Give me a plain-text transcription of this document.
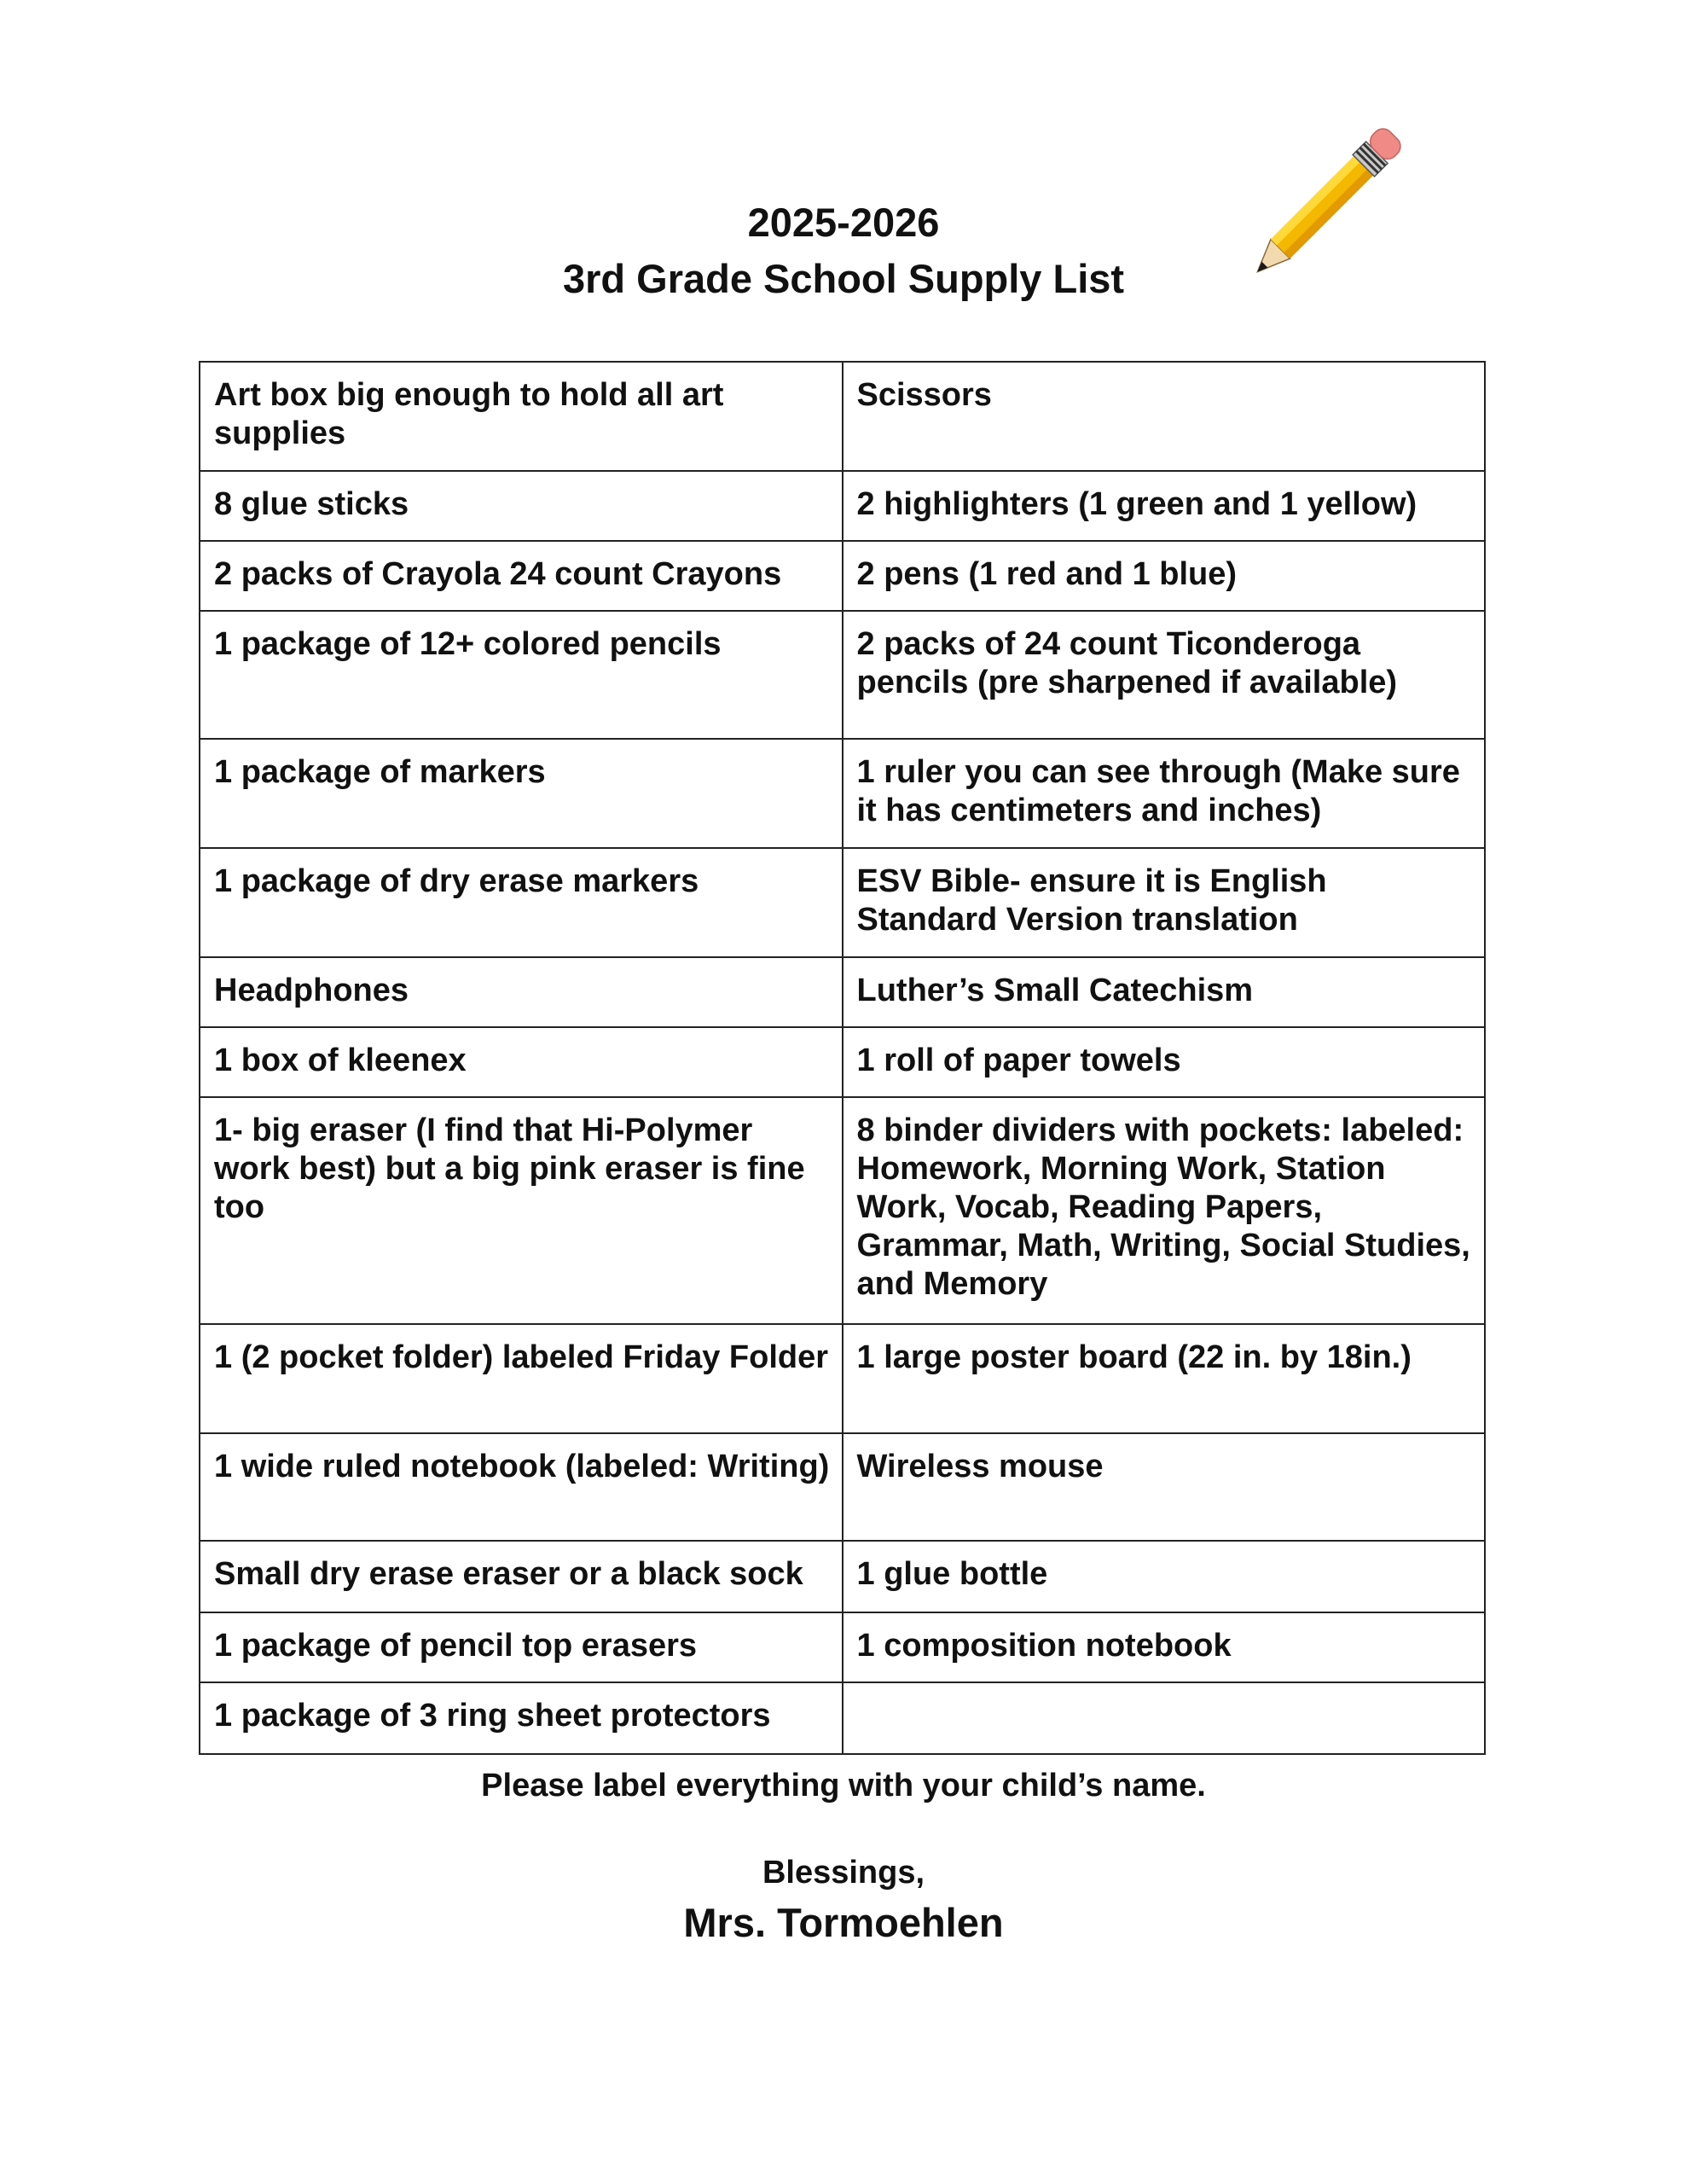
2025-2026
3rd Grade School Supply List
Art box big enough to hold all art supplies	Scissors
8 glue sticks	2 highlighters (1 green and 1 yellow)
2 packs of Crayola 24 count Crayons	2 pens (1 red and 1 blue)
1 package of 12+ colored pencils	2 packs of 24 count Ticonderoga pencils (pre sharpened if available)
1 package of markers	1 ruler you can see through (Make sure it has centimeters and inches)
1 package of dry erase markers	ESV Bible- ensure it is English Standard Version translation
Headphones	Luther’s Small Catechism
1 box of kleenex	1 roll of paper towels
1- big eraser (I find that Hi-Polymer work best) but a big pink eraser is fine too	8 binder dividers with pockets: labeled: Homework, Morning Work, Station Work, Vocab, Reading Papers, Grammar, Math, Writing, Social Studies, and Memory
1 (2 pocket folder) labeled Friday Folder	1 large poster board (22 in. by 18in.)
1 wide ruled notebook (labeled: Writing)	Wireless mouse
Small dry erase eraser or a black sock	1 glue bottle
1 package of pencil top erasers	1 composition notebook
1 package of 3 ring sheet protectors	
Please label everything with your child’s name.
Blessings,
Mrs. Tormoehlen
